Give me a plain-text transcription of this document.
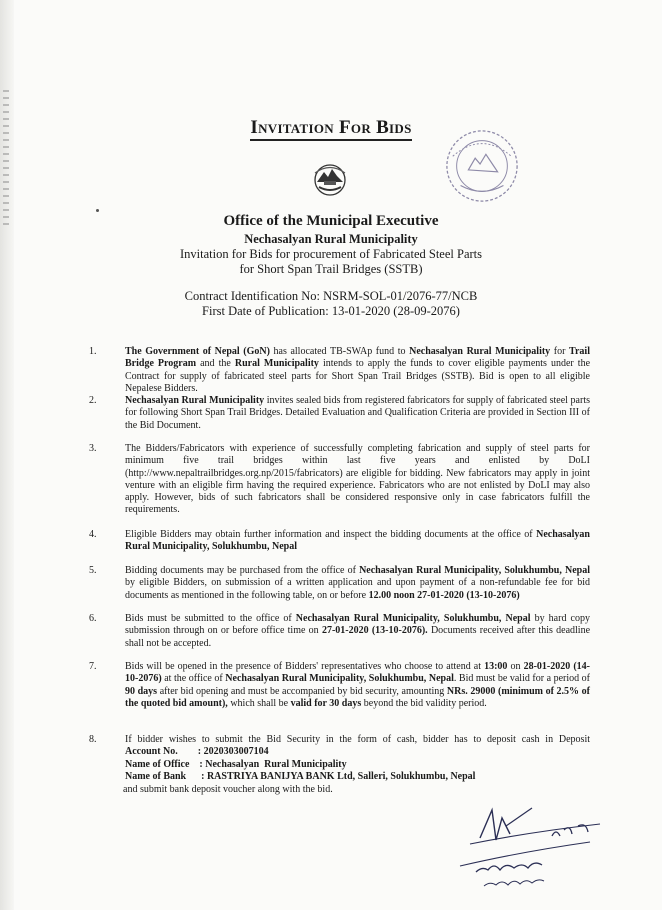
Invitation For Bids
Office of the Municipal Executive
Nechasalyan Rural Municipality
Invitation for Bids for procurement of Fabricated Steel Parts
for Short Span Trail Bridges (SSTB)
Contract Identification No: NSRM-SOL-01/2076-77/NCB
First Date of Publication: 13-01-2020 (28-09-2076)
1.	The Government of Nepal (GoN) has allocated TB-SWAp fund to Nechasalyan Rural Municipality for Trail Bridge Program and the Rural Municipality intends to apply the funds to cover eligible payments under the Contract for supply of fabricated steel parts for Short Span Trail Bridges (SSTB). Bid is open to all eligible Nepalese Bidders.
2.	Nechasalyan Rural Municipality invites sealed bids from registered fabricators for supply of fabricated steel parts for following Short Span Trail Bridges. Detailed Evaluation and Qualification Criteria are provided in Section III of the Bid Document.
3.	The Bidders/Fabricators with experience of successfully completing fabrication and supply of steel parts for minimum five trail bridges within last five years and enlisted by DoLI (http://www.nepaltrailbridges.org.np/2015/fabricators) are eligible for bidding. New fabricators may apply in joint venture with an eligible firm having the required experience. Fabricators who are not enlisted by DoLI may also apply. However, bids of such fabricators shall be considered responsive only in case fabricators fulfill the requirements.
4.	Eligible Bidders may obtain further information and inspect the bidding documents at the office of Nechasalyan Rural Municipality, Solukhumbu, Nepal
5.	Bidding documents may be purchased from the office of Nechasalyan Rural Municipality, Solukhumbu, Nepal by eligible Bidders, on submission of a written application and upon payment of a non-refundable fee for bid documents as mentioned in the following table, on or before 12.00 noon 27-01-2020 (13-10-2076)
6.	Bids must be submitted to the office of Nechasalyan Rural Municipality, Solukhumbu, Nepal by hard copy submission through on or before office time on 27-01-2020 (13-10-2076). Documents received after this deadline shall not be accepted.
7.	Bids will be opened in the presence of Bidders' representatives who choose to attend at 13:00 on 28-01-2020 (14-10-2076) at the office of Nechasalyan Rural Municipality, Solukhumbu, Nepal. Bid must be valid for a period of 90 days after bid opening and must be accompanied by bid security, amounting NRs. 29000 (minimum of 2.5% of the quoted bid amount), which shall be valid for 30 days beyond the bid validity period.
8.	If bidder wishes to submit the Bid Security in the form of cash, bidder has to deposit cash in Deposit Account No.        : 2020303007104
Name of Office    : Nechasalyan  Rural Municipality
Name of Bank      : RASTRIYA BANIJYA BANK Ltd, Salleri, Solukhumbu, Nepal
and submit bank deposit voucher along with the bid.
